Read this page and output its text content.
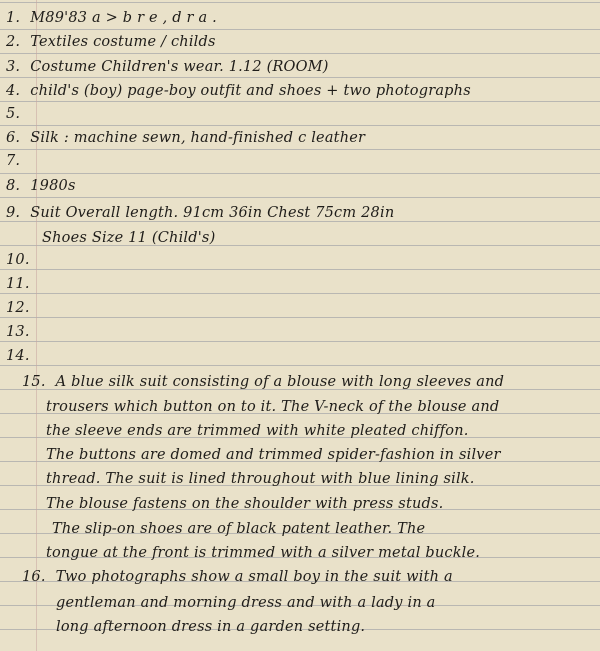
1. M89'83 a > b r e , d r a .
2. Textiles costume / childs
3. Costume Children's wear. 1.12 (ROOM)
4. child's (boy) page-boy outfit and shoes + two photographs
5.
6. Silk : machine sewn, hand-finished c leather
7.
8. 1980s
9. Suit Overall length. 91cm 36in Chest 75cm 28in
Shoes Size 11 (Child's)
10.
11.
12.
13.
14.
15. A blue silk suit consisting of a blouse with long sleeves and
trousers which button on to it. The V-neck of the blouse and
the sleeve ends are trimmed with white pleated chiffon.
The buttons are domed and trimmed spider-fashion in silver
thread. The suit is lined throughout with blue lining silk.
The blouse fastens on the shoulder with press studs.
The slip-on shoes are of black patent leather. The
tongue at the front is trimmed with a silver metal buckle.
16. Two photographs show a small boy in the suit with a
gentleman and morning dress and with a lady in a
long afternoon dress in a garden setting.
